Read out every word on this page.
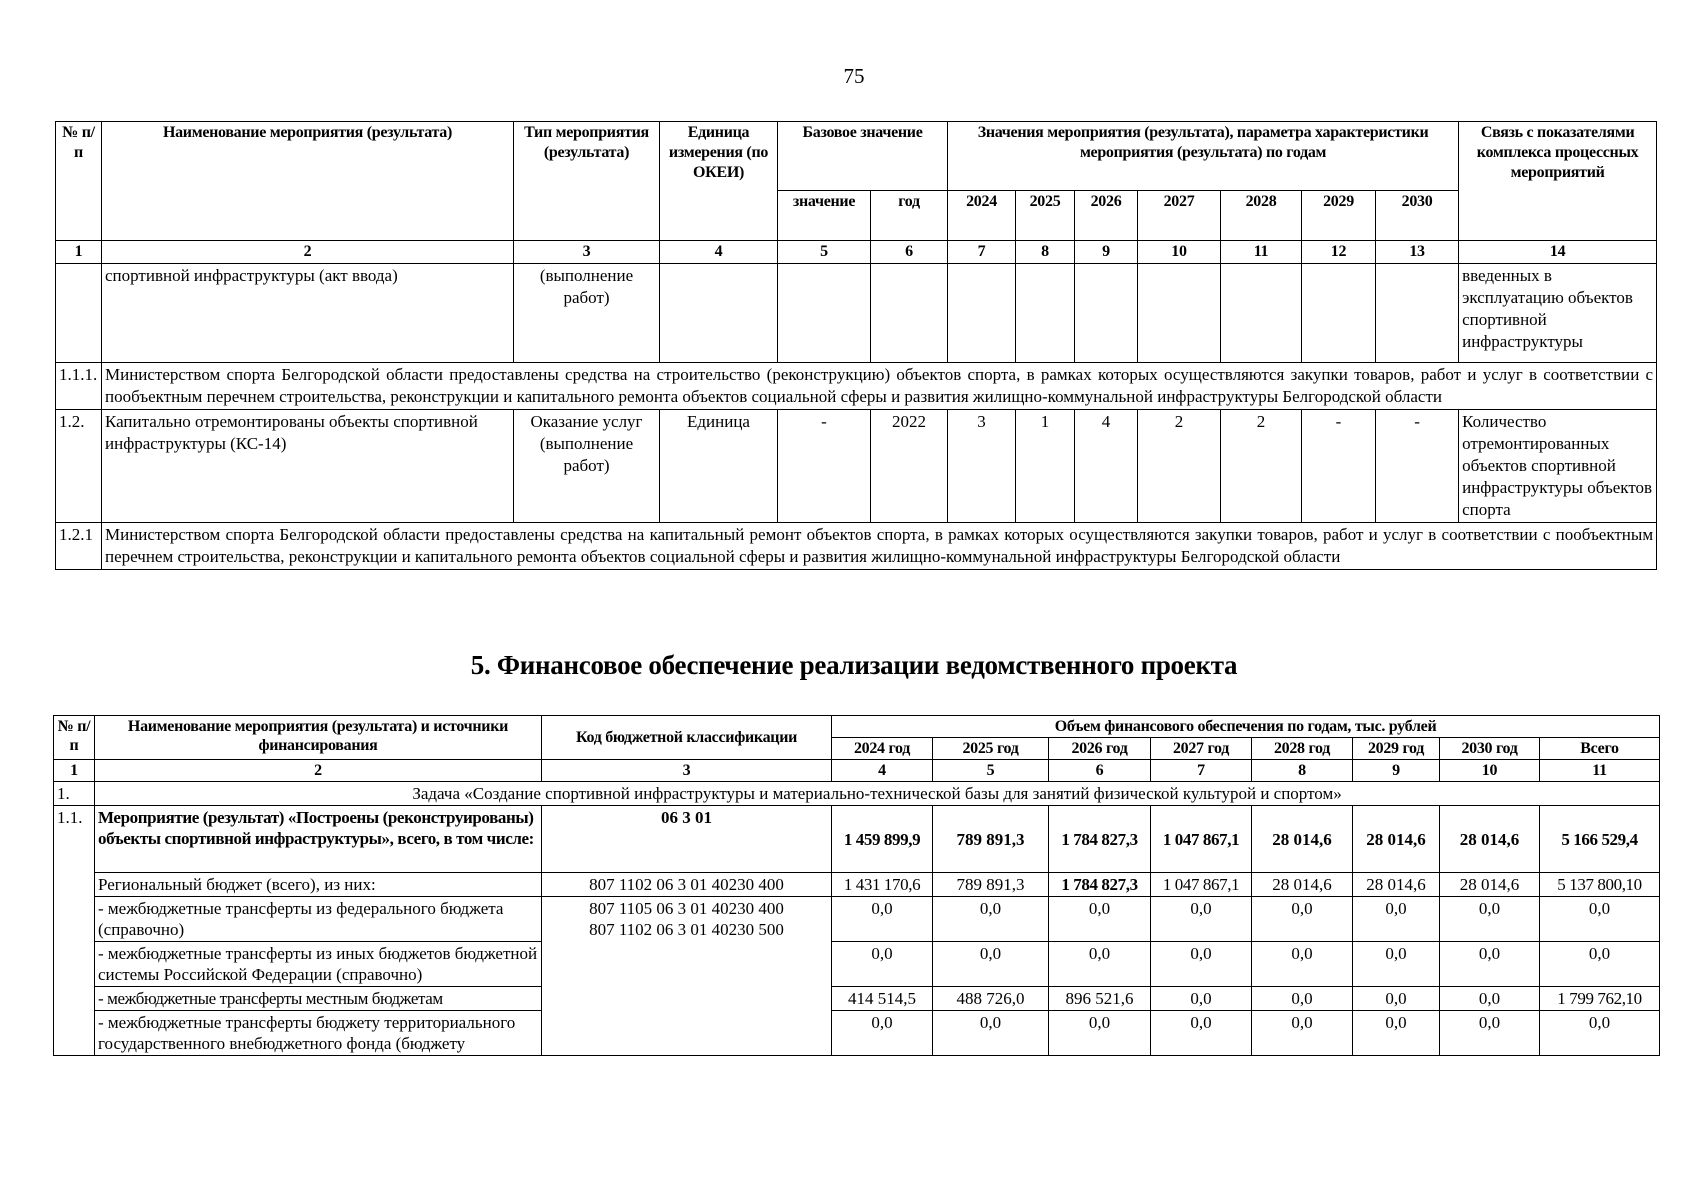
75
№ п/п	Наименование мероприятия (результата)	Тип мероприятия (результата)	Единица измерения (по ОКЕИ)	Базовое значение		Значения мероприятия (результата), параметра характеристики мероприятия (результата) по годам							Связь с показателями комплекса процессных мероприятий
				значение	год	2024	2025	2026	2027	2028	2029	2030	
1	2	3	4	5	6	7	8	9	10	11	12	13	14
	спортивной инфраструктуры (акт ввода)	(выполнение работ)											введенных в эксплуатацию объектов спортивной инфраструктуры
1.1.1.	Министерством спорта Белгородской области предоставлены средства на строительство (реконструкцию) объектов спорта, в рамках которых осуществляются закупки товаров, работ и услуг в соответствии с пообъектным перечнем строительства, реконструкции и капитального ремонта объектов социальной сферы и развития жилищно-коммунальной инфраструктуры Белгородской области												
1.2.	Капитально отремонтированы объекты спортивной инфраструктуры (КС-14)	Оказание услуг (выполнение работ)	Единица	-	2022	3	1	4	2	2	-	-	Количество отремонтированных объектов спортивной инфраструктуры объектов спорта
1.2.1	Министерством спорта Белгородской области предоставлены средства на капитальный ремонт объектов спорта, в рамках которых осуществляются закупки товаров, работ и услуг в соответствии с пообъектным перечнем строительства, реконструкции и капитального ремонта объектов социальной сферы и развития жилищно-коммунальной инфраструктуры Белгородской области												
5. Финансовое обеспечение реализации ведомственного проекта
№ п/п	Наименование мероприятия (результата) и источники финансирования	Код бюджетной классификации	Объем финансового обеспечения по годам, тыс. рублей							
			2024 год	2025 год	2026 год	2027 год	2028 год	2029 год	2030 год	Всего
1	2	3	4	5	6	7	8	9	10	11
1.	Задача «Создание спортивной инфраструктуры и материально-технической базы для занятий физической культурой и спортом»									
1.1.	Мероприятие (результат) «Построены (реконструированы) объекты спортивной инфраструктуры», всего, в том числе:	06 3 01	1 459 899,9	789 891,3	1 784 827,3	1 047 867,1	28 014,6	28 014,6	28 014,6	5 166 529,4
	Региональный бюджет (всего), из них:	807 1102 06 3 01 40230 400	1 431 170,6	789 891,3	1 784 827,3	1 047 867,1	28 014,6	28 014,6	28 014,6	5 137 800,10
	- межбюджетные трансферты из федерального бюджета (справочно)	807 1105 06 3 01 40230 400
807 1102 06 3 01 40230 500	0,0	0,0	0,0	0,0	0,0	0,0	0,0	0,0
	- межбюджетные трансферты из иных бюджетов бюджетной системы Российской Федерации (справочно)		0,0	0,0	0,0	0,0	0,0	0,0	0,0	0,0
	- межбюджетные трансферты местным бюджетам		414 514,5	488 726,0	896 521,6	0,0	0,0	0,0	0,0	1 799 762,10
	- межбюджетные трансферты бюджету территориального государственного внебюджетного фонда (бюджету		0,0	0,0	0,0	0,0	0,0	0,0	0,0	0,0
